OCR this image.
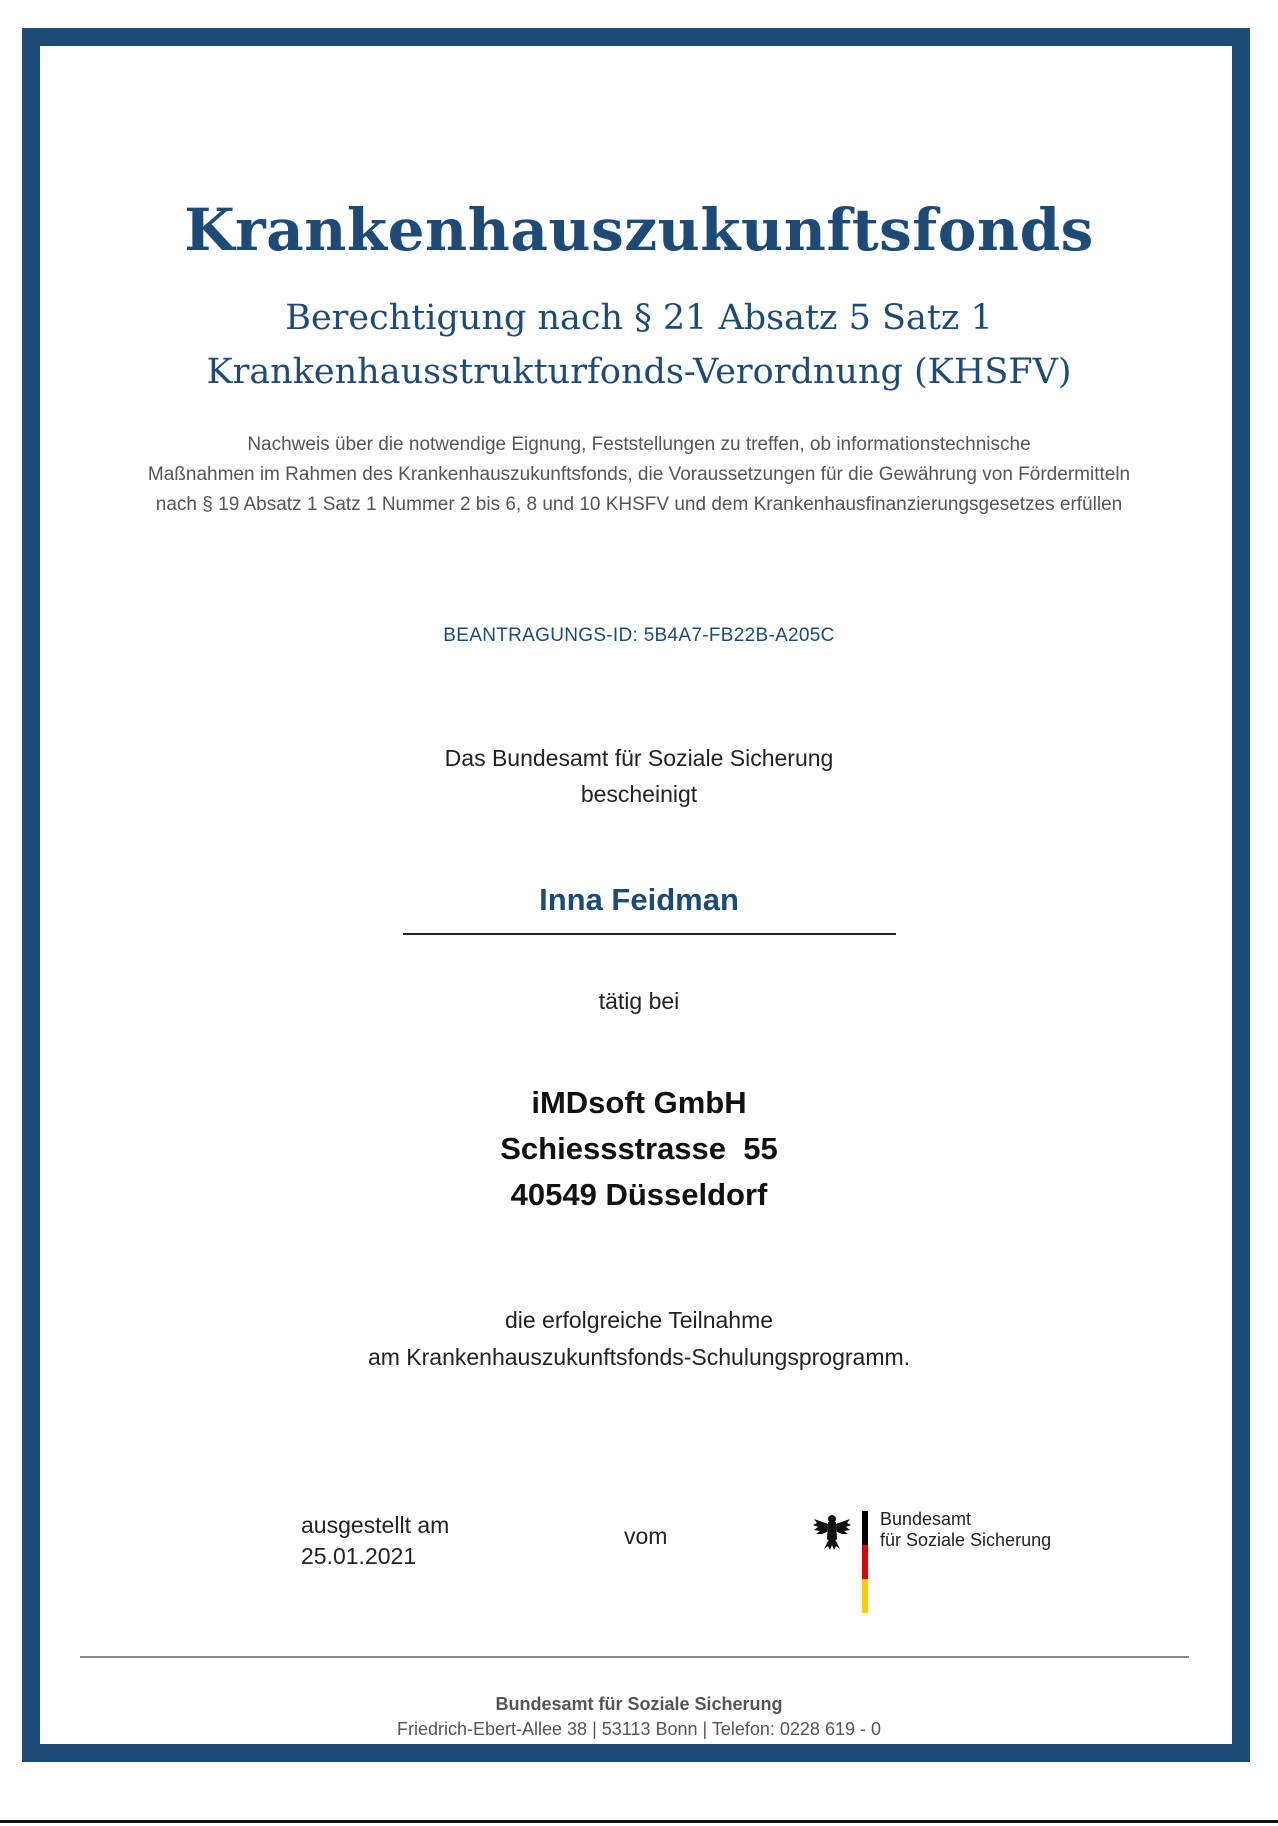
Krankenhauszukunftsfonds
Berechtigung nach § 21 Absatz 5 Satz 1
Krankenhausstrukturfonds-Verordnung (KHSFV)
Nachweis über die notwendige Eignung, Feststellungen zu treffen, ob informationstechnische
Maßnahmen im Rahmen des Krankenhauszukunftsfonds, die Voraussetzungen für die Gewährung von Fördermitteln
nach § 19 Absatz 1 Satz 1 Nummer 2 bis 6, 8 und 10 KHSFV und dem Krankenhausfinanzierungsgesetzes erfüllen
BEANTRAGUNGS-ID: 5B4A7-FB22B-A205C
Das Bundesamt für Soziale Sicherung
bescheinigt
Inna Feidman
tätig bei
iMDsoft GmbH
Schiessstrasse  55
40549 Düsseldorf
die erfolgreiche Teilnahme
am Krankenhauszukunftsfonds-Schulungsprogramm.
ausgestellt am
25.01.2021
vom
Bundesamt
für Soziale Sicherung
Bundesamt für Soziale Sicherung
Friedrich-Ebert-Allee 38 | 53113 Bonn | Telefon: 0228 619 - 0
